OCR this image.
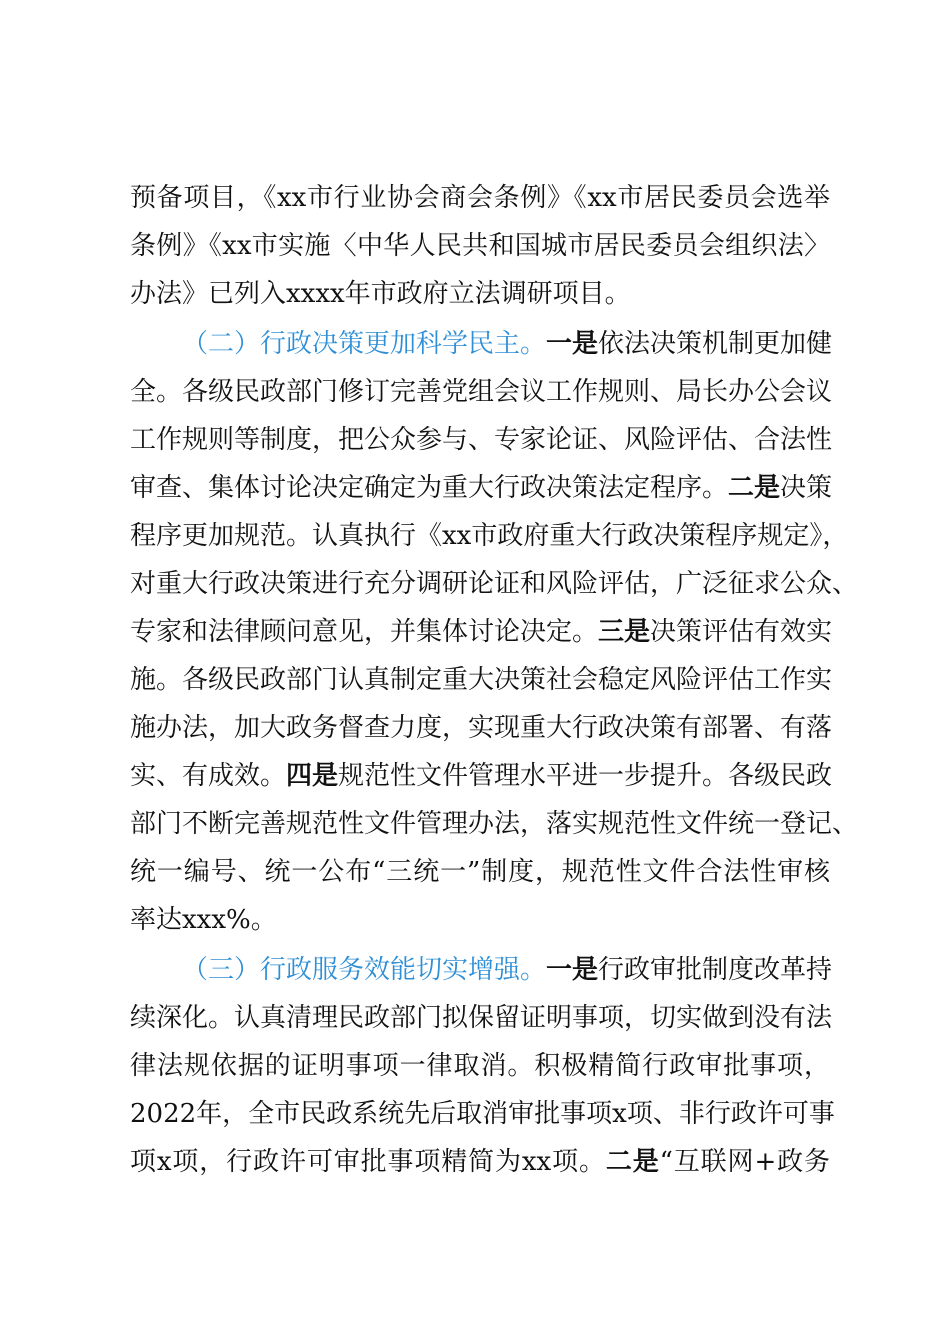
预备项目，《xx市行业协会商会条例》《xx市居民委员会选举
条例》《xx市实施〈中华人民共和国城市居民委员会组织法〉
办法》已列入xxxx年市政府立法调研项目。
（二）行政决策更加科学民主。一是依法决策机制更加健
全。各级民政部门修订完善党组会议工作规则、局长办公会议
工作规则等制度，把公众参与、专家论证、风险评估、合法性
审查、集体讨论决定确定为重大行政决策法定程序。二是决策
程序更加规范。认真执行《xx市政府重大行政决策程序规定》，
对重大行政决策进行充分调研论证和风险评估，广泛征求公众、
专家和法律顾问意见，并集体讨论决定。三是决策评估有效实
施。各级民政部门认真制定重大决策社会稳定风险评估工作实
施办法，加大政务督查力度，实现重大行政决策有部署、有落
实、有成效。四是规范性文件管理水平进一步提升。各级民政
部门不断完善规范性文件管理办法，落实规范性文件统一登记、
统一编号、统一公布“三统一”制度，规范性文件合法性审核
率达xxx%。
（三）行政服务效能切实增强。一是行政审批制度改革持
续深化。认真清理民政部门拟保留证明事项，切实做到没有法
律法规依据的证明事项一律取消。积极精简行政审批事项，
2022年，全市民政系统先后取消审批事项x项、非行政许可事
项x项，行政许可审批事项精简为xx项。二是“互联网+政务
